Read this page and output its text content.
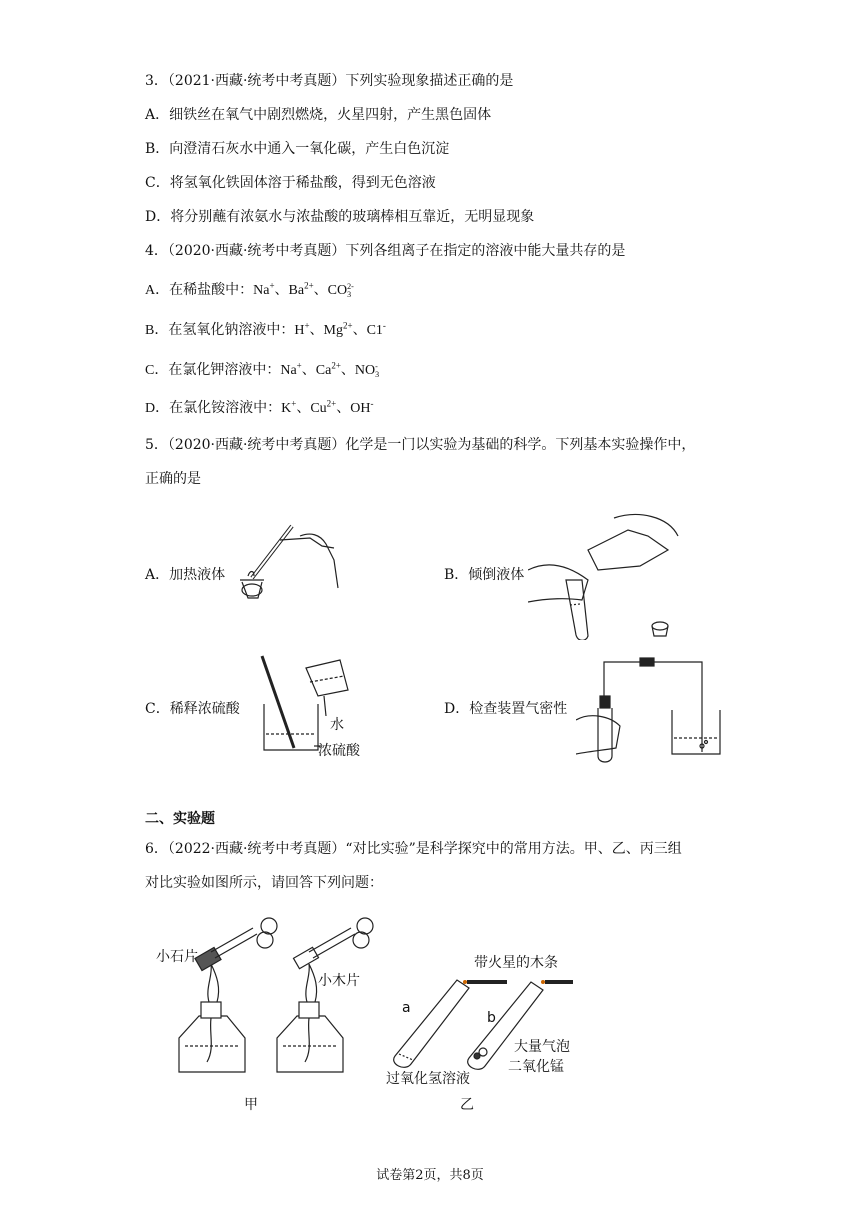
3．（2021·西藏·统考中考真题）下列实验现象描述正确的是
A．细铁丝在氧气中剧烈燃烧，火星四射，产生黑色固体
B．向澄清石灰水中通入一氧化碳，产生白色沉淀
C．将氢氧化铁固体溶于稀盐酸，得到无色溶液
D．将分别蘸有浓氨水与浓盐酸的玻璃棒相互靠近，无明显现象
4．（2020·西藏·统考中考真题）下列各组离子在指定的溶液中能大量共存的是
A．在稀盐酸中：Na+、$Ba^{2+}$、CO 2-
3
B．在氢氧化钠溶液中：H+、$Mg^{2+}$、C1-
C．在氯化钾溶液中：Na+、$Ca^{2+}$、NO -
3
D．在氯化铵溶液中：K+、$Cu^{2+}$、OH-
5．（2020·西藏·统考中考真题）化学是一门以实验为基础的科学。下列基本实验操作中，
正确的是
A．加热液体	B．倾倒液体
C．稀释浓硫酸	D．检查装置气密性
水
浓硫酸
二、实验题
6．（2022·西藏·统考中考真题）“对比实验”是科学探究中的常用方法。甲、乙、丙三组
对比实验如图所示，请回答下列问题：
小石片
小木片
甲
带火星的木条
a
b
大量气泡
二氧化锰
过氧化氢溶液
乙
试卷第2页，共8页
